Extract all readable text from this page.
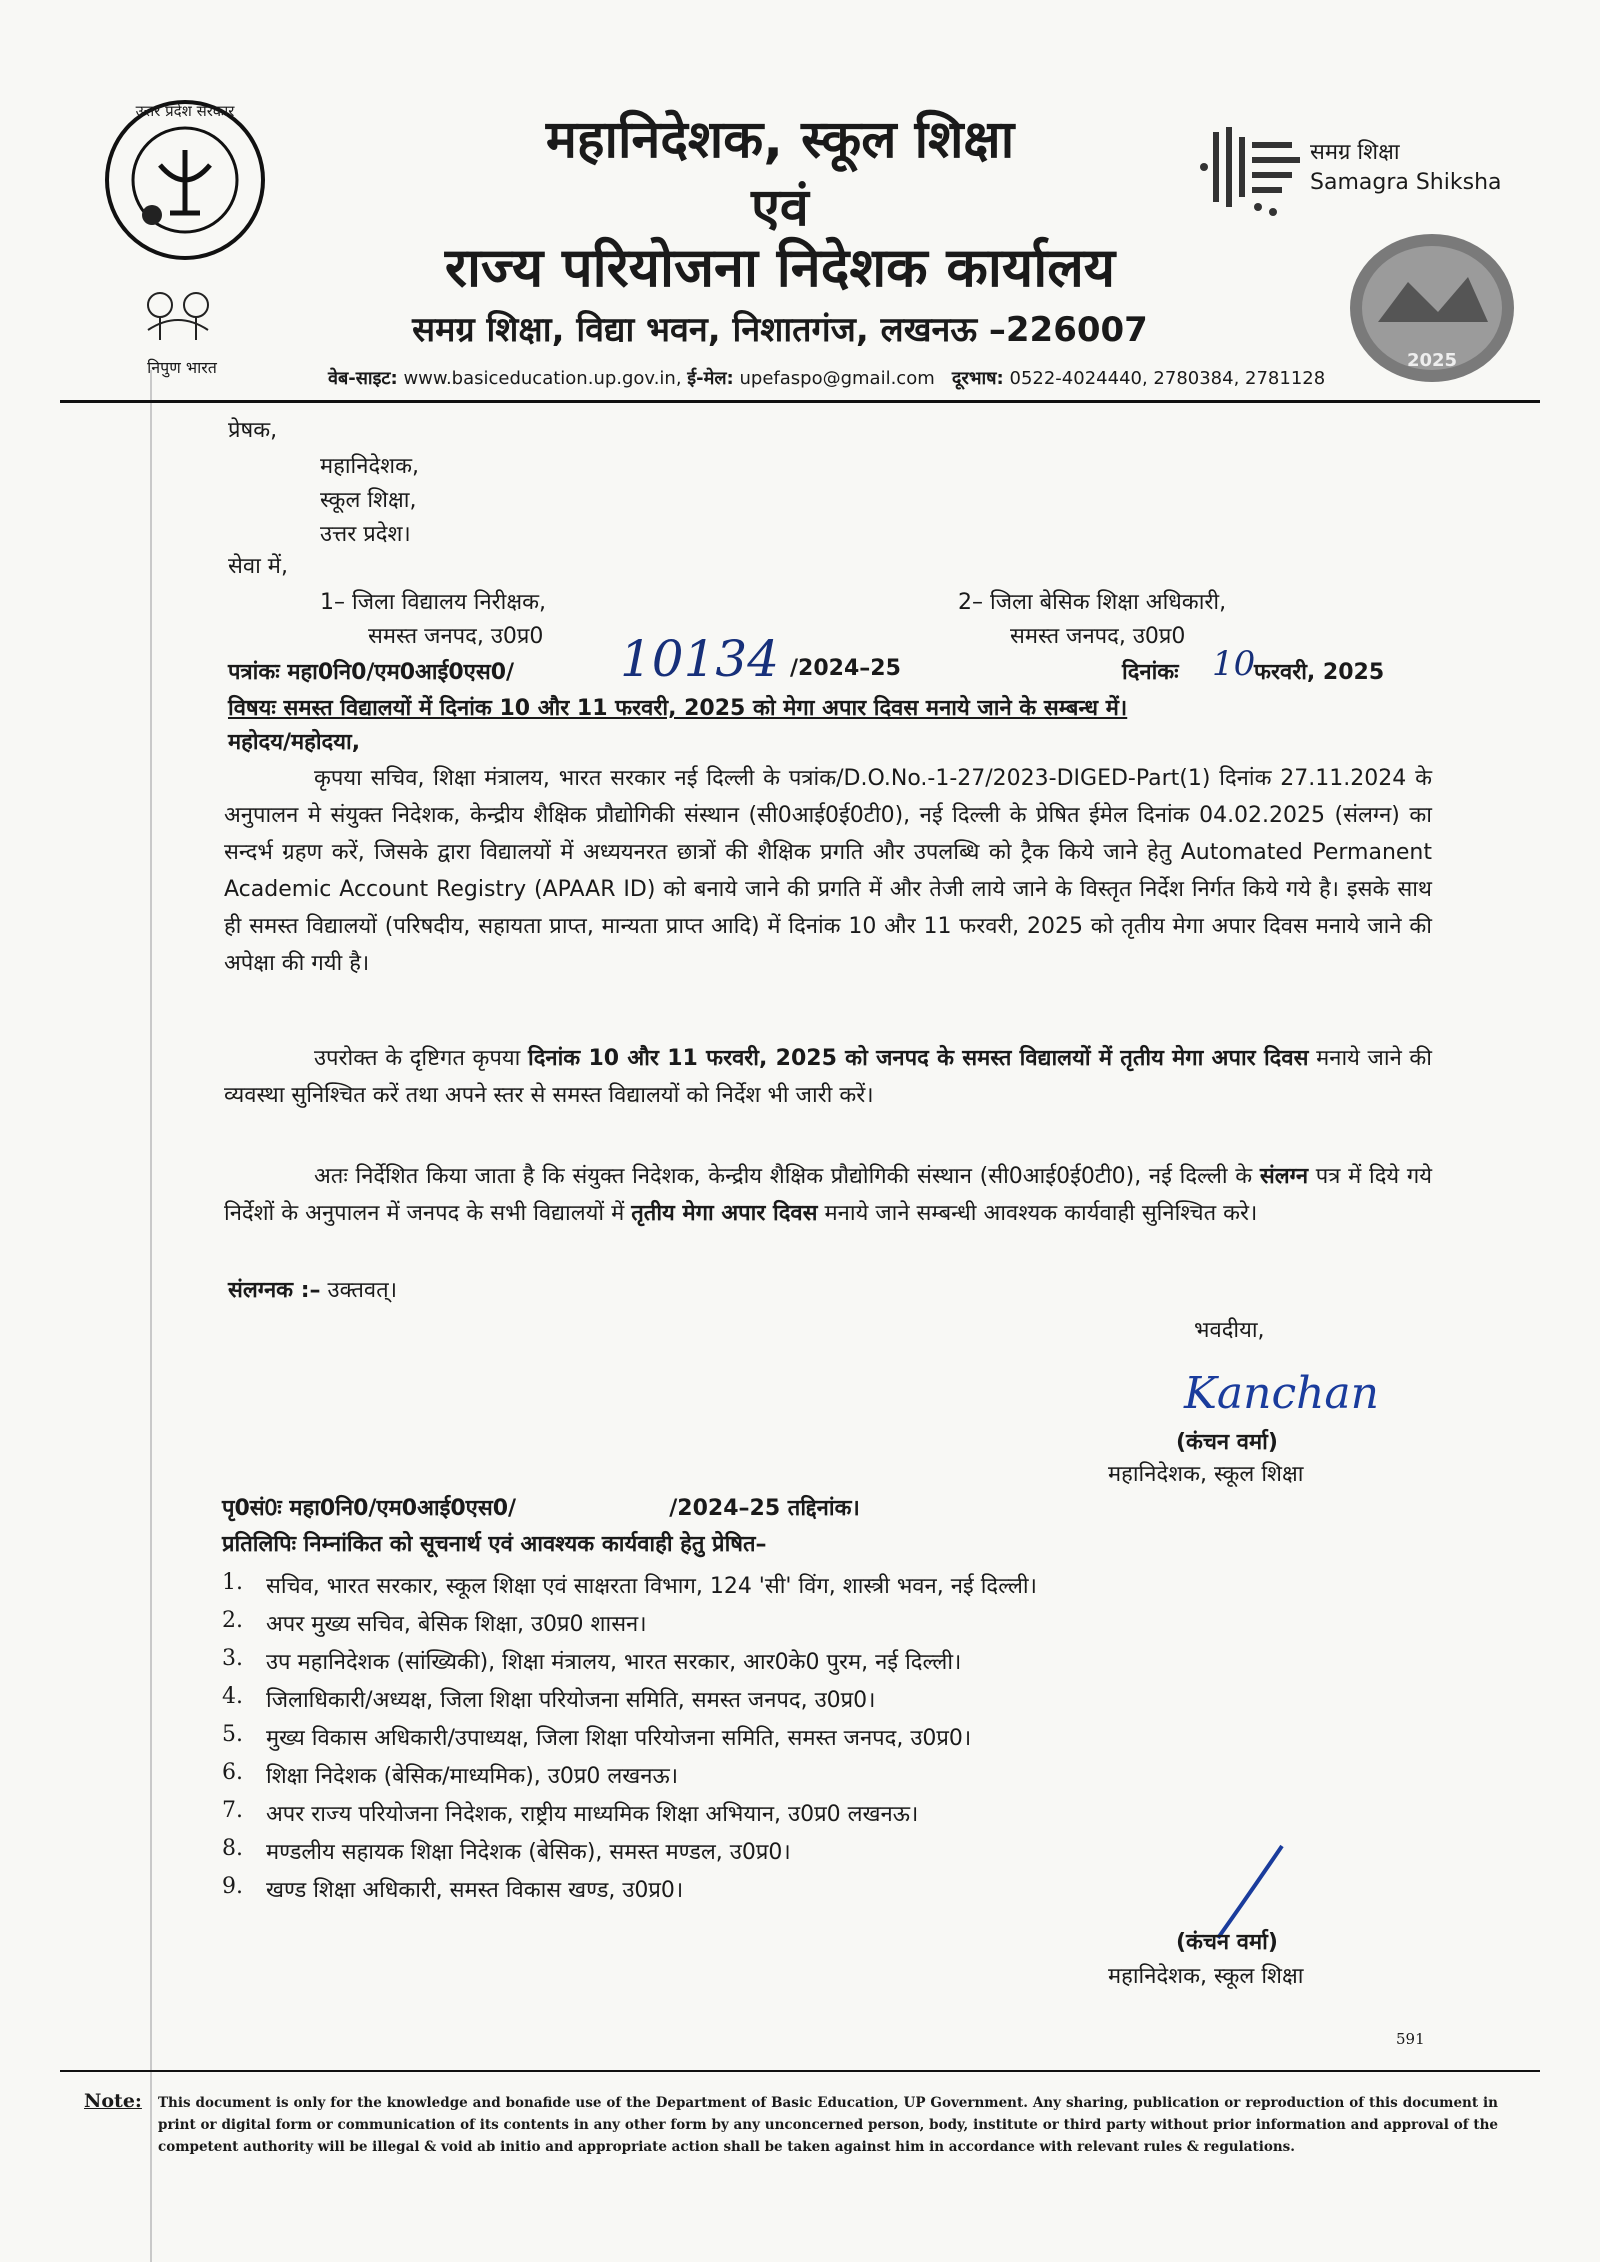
उत्तर प्रदेश सरकार
निपुण भारत
महानिदेशक, स्कूल शिक्षा
एवं
राज्य परियोजना निदेशक कार्यालय
समग्र शिक्षा, विद्या भवन, निशातगंज, लखनऊ –226007
वेब-साइट: www.basiceducation.up.gov.in, ई-मेल: upefaspo@gmail.com दूरभाष: 0522-4024440, 2780384, 2781128
समग्र शिक्षा
Samagra Shiksha
2025
प्रेषक,
महानिदेशक,
स्कूल शिक्षा,
उत्तर प्रदेश।
सेवा में,
1– जिला विद्यालय निरीक्षक,
समस्त जनपद, उ0प्र0
2– जिला बेसिक शिक्षा अधिकारी,
समस्त जनपद, उ0प्र0
पत्रांकः महा0नि0/एम0आई0एस0/ 10134 /2024–25	दिनांकः 10
फरवरी, 2025
विषयः समस्त विद्यालयों में दिनांक 10 और 11 फरवरी, 2025 को मेगा अपार दिवस मनाये जाने के सम्बन्ध में।
महोदय/महोदया,
कृपया सचिव, शिक्षा मंत्रालय, भारत सरकार नई दिल्ली के पत्रांक/D.O.No.-1-27/2023-DIGED-Part(1) दिनांक 27.11.2024 के अनुपालन मे संयुक्त निदेशक, केन्द्रीय शैक्षिक प्रौद्योगिकी संस्थान (सी0आई0ई0टी0), नई दिल्ली के प्रेषित ईमेल दिनांक 04.02.2025 (संलग्न) का सन्दर्भ ग्रहण करें, जिसके द्वारा विद्यालयों में अध्ययनरत छात्रों की शैक्षिक प्रगति और उपलब्धि को ट्रैक किये जाने हेतु Automated Permanent Academic Account Registry (APAAR ID) को बनाये जाने की प्रगति में और तेजी लाये जाने के विस्तृत निर्देश निर्गत किये गये है। इसके साथ ही समस्त विद्यालयों (परिषदीय, सहायता प्राप्त, मान्यता प्राप्त आदि) में दिनांक 10 और 11 फरवरी, 2025 को तृतीय मेगा अपार दिवस मनाये जाने की अपेक्षा की गयी है।
उपरोक्त के दृष्टिगत कृपया दिनांक 10 और 11 फरवरी, 2025 को जनपद के समस्त विद्यालयों में तृतीय मेगा अपार दिवस मनाये जाने की व्यवस्था सुनिश्चित करें तथा अपने स्तर से समस्त विद्यालयों को निर्देश भी जारी करें।
अतः निर्देशित किया जाता है कि संयुक्त निदेशक, केन्द्रीय शैक्षिक प्रौद्योगिकी संस्थान (सी0आई0ई0टी0), नई दिल्ली के संलग्न पत्र में दिये गये निर्देशों के अनुपालन में जनपद के सभी विद्यालयों में तृतीय मेगा अपार दिवस मनाये जाने सम्बन्धी आवश्यक कार्यवाही सुनिश्चित करे।
संलग्नक :– उक्तवत्।
भवदीया,
Kanchan
(कंचन वर्मा)
महानिदेशक, स्कूल शिक्षा
पृ0सं0ः महा0नि0/एम0आई0एस0/                    /2024–25 तद्दिनांक।
प्रतिलिपिः निम्नांकित को सूचनार्थ एवं आवश्यक कार्यवाही हेतु प्रेषित–
1.	सचिव, भारत सरकार, स्कूल शिक्षा एवं साक्षरता विभाग, 124 'सी' विंग, शास्त्री भवन, नई दिल्ली।
2.	अपर मुख्य सचिव, बेसिक शिक्षा, उ0प्र0 शासन।
3.	उप महानिदेशक (सांख्यिकी), शिक्षा मंत्रालय, भारत सरकार, आर0के0 पुरम, नई दिल्ली।
4.	जिलाधिकारी/अध्यक्ष, जिला शिक्षा परियोजना समिति, समस्त जनपद, उ0प्र0।
5.	मुख्य विकास अधिकारी/उपाध्यक्ष, जिला शिक्षा परियोजना समिति, समस्त जनपद, उ0प्र0।
6.	शिक्षा निदेशक (बेसिक/माध्यमिक), उ0प्र0 लखनऊ।
7.	अपर राज्य परियोजना निदेशक, राष्ट्रीय माध्यमिक शिक्षा अभियान, उ0प्र0 लखनऊ।
8.	मण्डलीय सहायक शिक्षा निदेशक (बेसिक), समस्त मण्डल, उ0प्र0।
9.	खण्ड शिक्षा अधिकारी, समस्त विकास खण्ड, उ0प्र0।
(कंचन वर्मा)
महानिदेशक, स्कूल शिक्षा
591
Note: This document is only for the knowledge and bonafide use of the Department of Basic Education, UP Government. Any sharing, publication or reproduction of this document in print or digital form or communication of its contents in any other form by any unconcerned person, body, institute or third party without prior information and approval of the competent authority will be illegal & void ab initio and appropriate action shall be taken against him in accordance with relevant rules & regulations.
